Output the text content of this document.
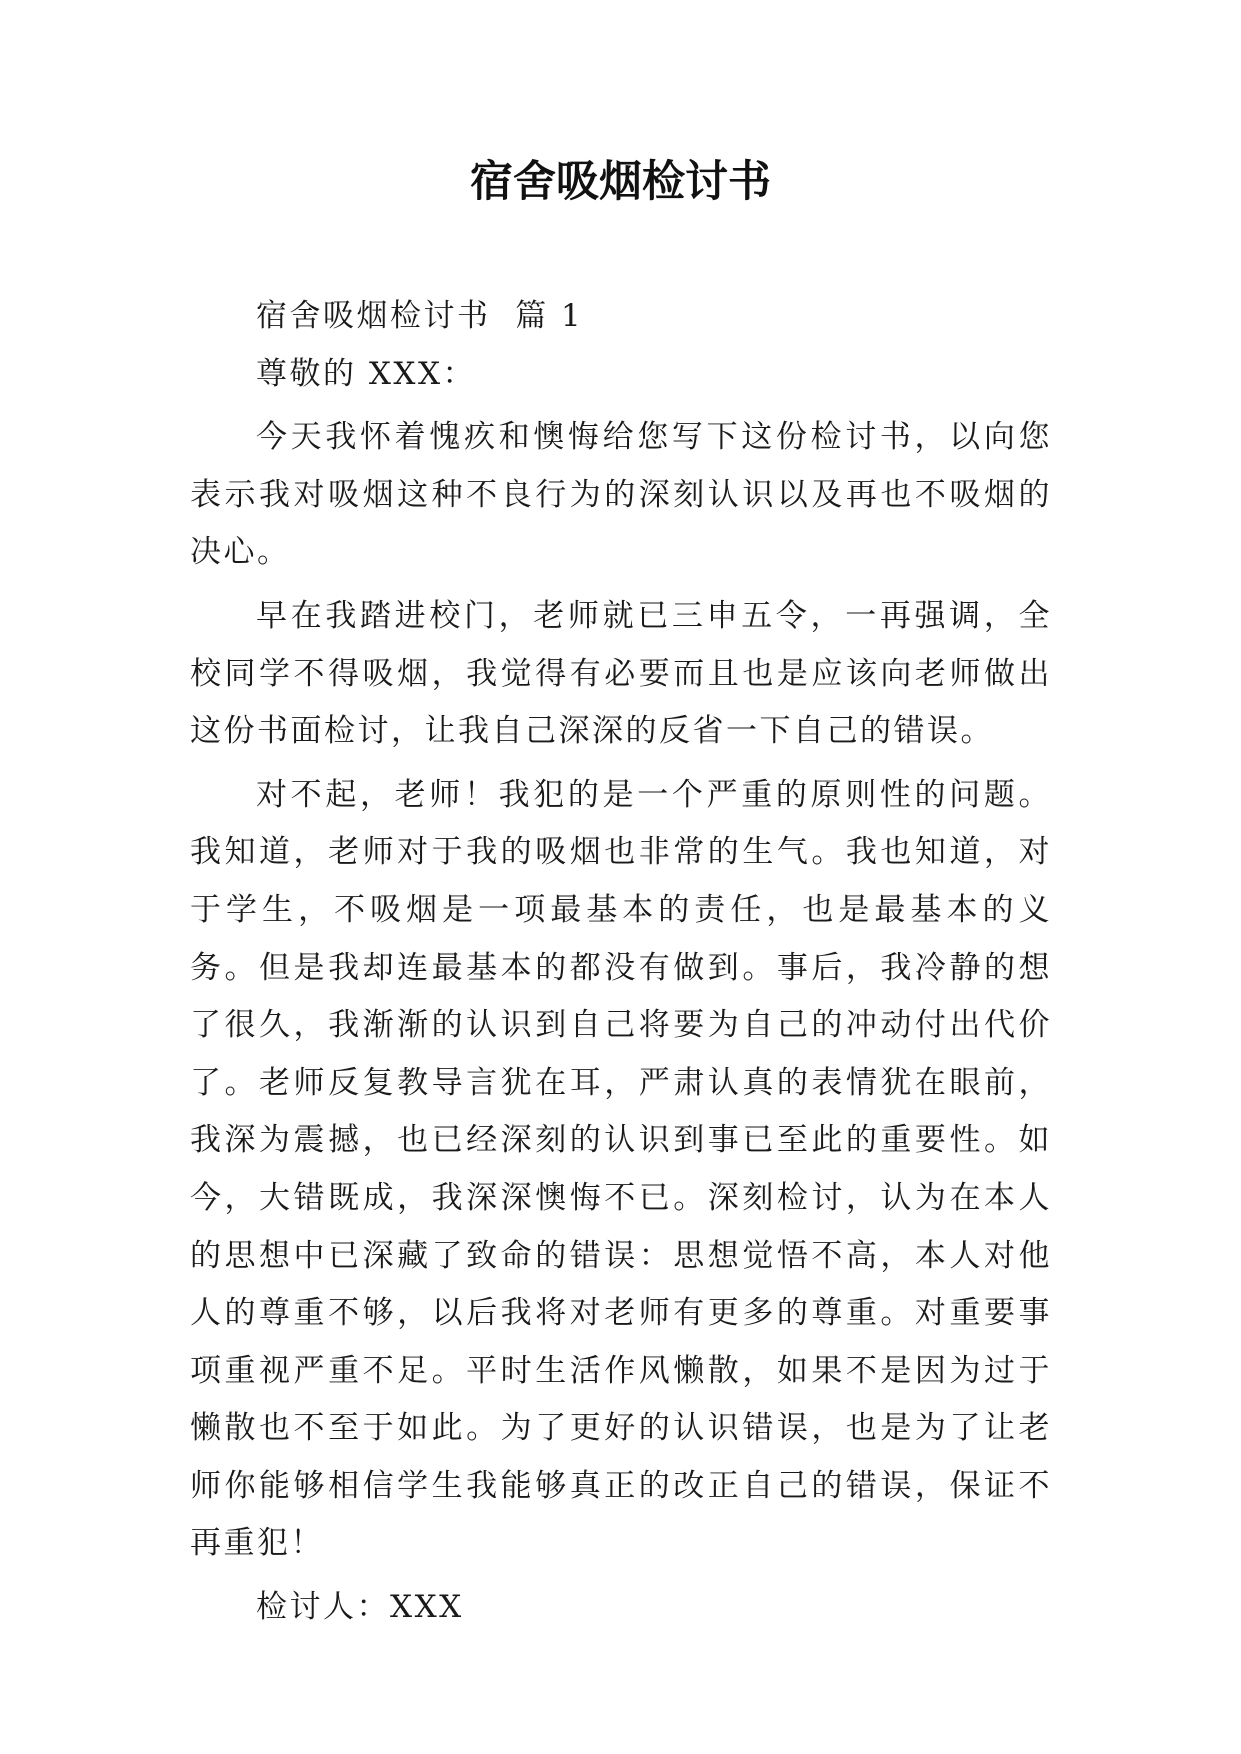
宿舍吸烟检讨书

宿舍吸烟检讨书  篇 1

尊敬的 XXX：

今天我怀着愧疚和懊悔给您写下这份检讨书，以向您表示我对吸烟这种不良行为的深刻认识以及再也不吸烟的决心。

早在我踏进校门，老师就已三申五令，一再强调，全校同学不得吸烟，我觉得有必要而且也是应该向老师做出这份书面检讨，让我自己深深的反省一下自己的错误。

对不起，老师！我犯的是一个严重的原则性的问题。我知道，老师对于我的吸烟也非常的生气。我也知道，对于学生，不吸烟是一项最基本的责任，也是最基本的义务。但是我却连最基本的都没有做到。事后，我冷静的想了很久，我渐渐的认识到自己将要为自己的冲动付出代价了。老师反复教导言犹在耳，严肃认真的表情犹在眼前，我深为震撼，也已经深刻的认识到事已至此的重要性。如今，大错既成，我深深懊悔不已。深刻检讨，认为在本人的思想中已深藏了致命的错误：思想觉悟不高，本人对他人的尊重不够，以后我将对老师有更多的尊重。对重要事项重视严重不足。平时生活作风懒散，如果不是因为过于懒散也不至于如此。为了更好的认识错误，也是为了让老师你能够相信学生我能够真正的改正自己的错误，保证不再重犯！

检讨人：XXX
